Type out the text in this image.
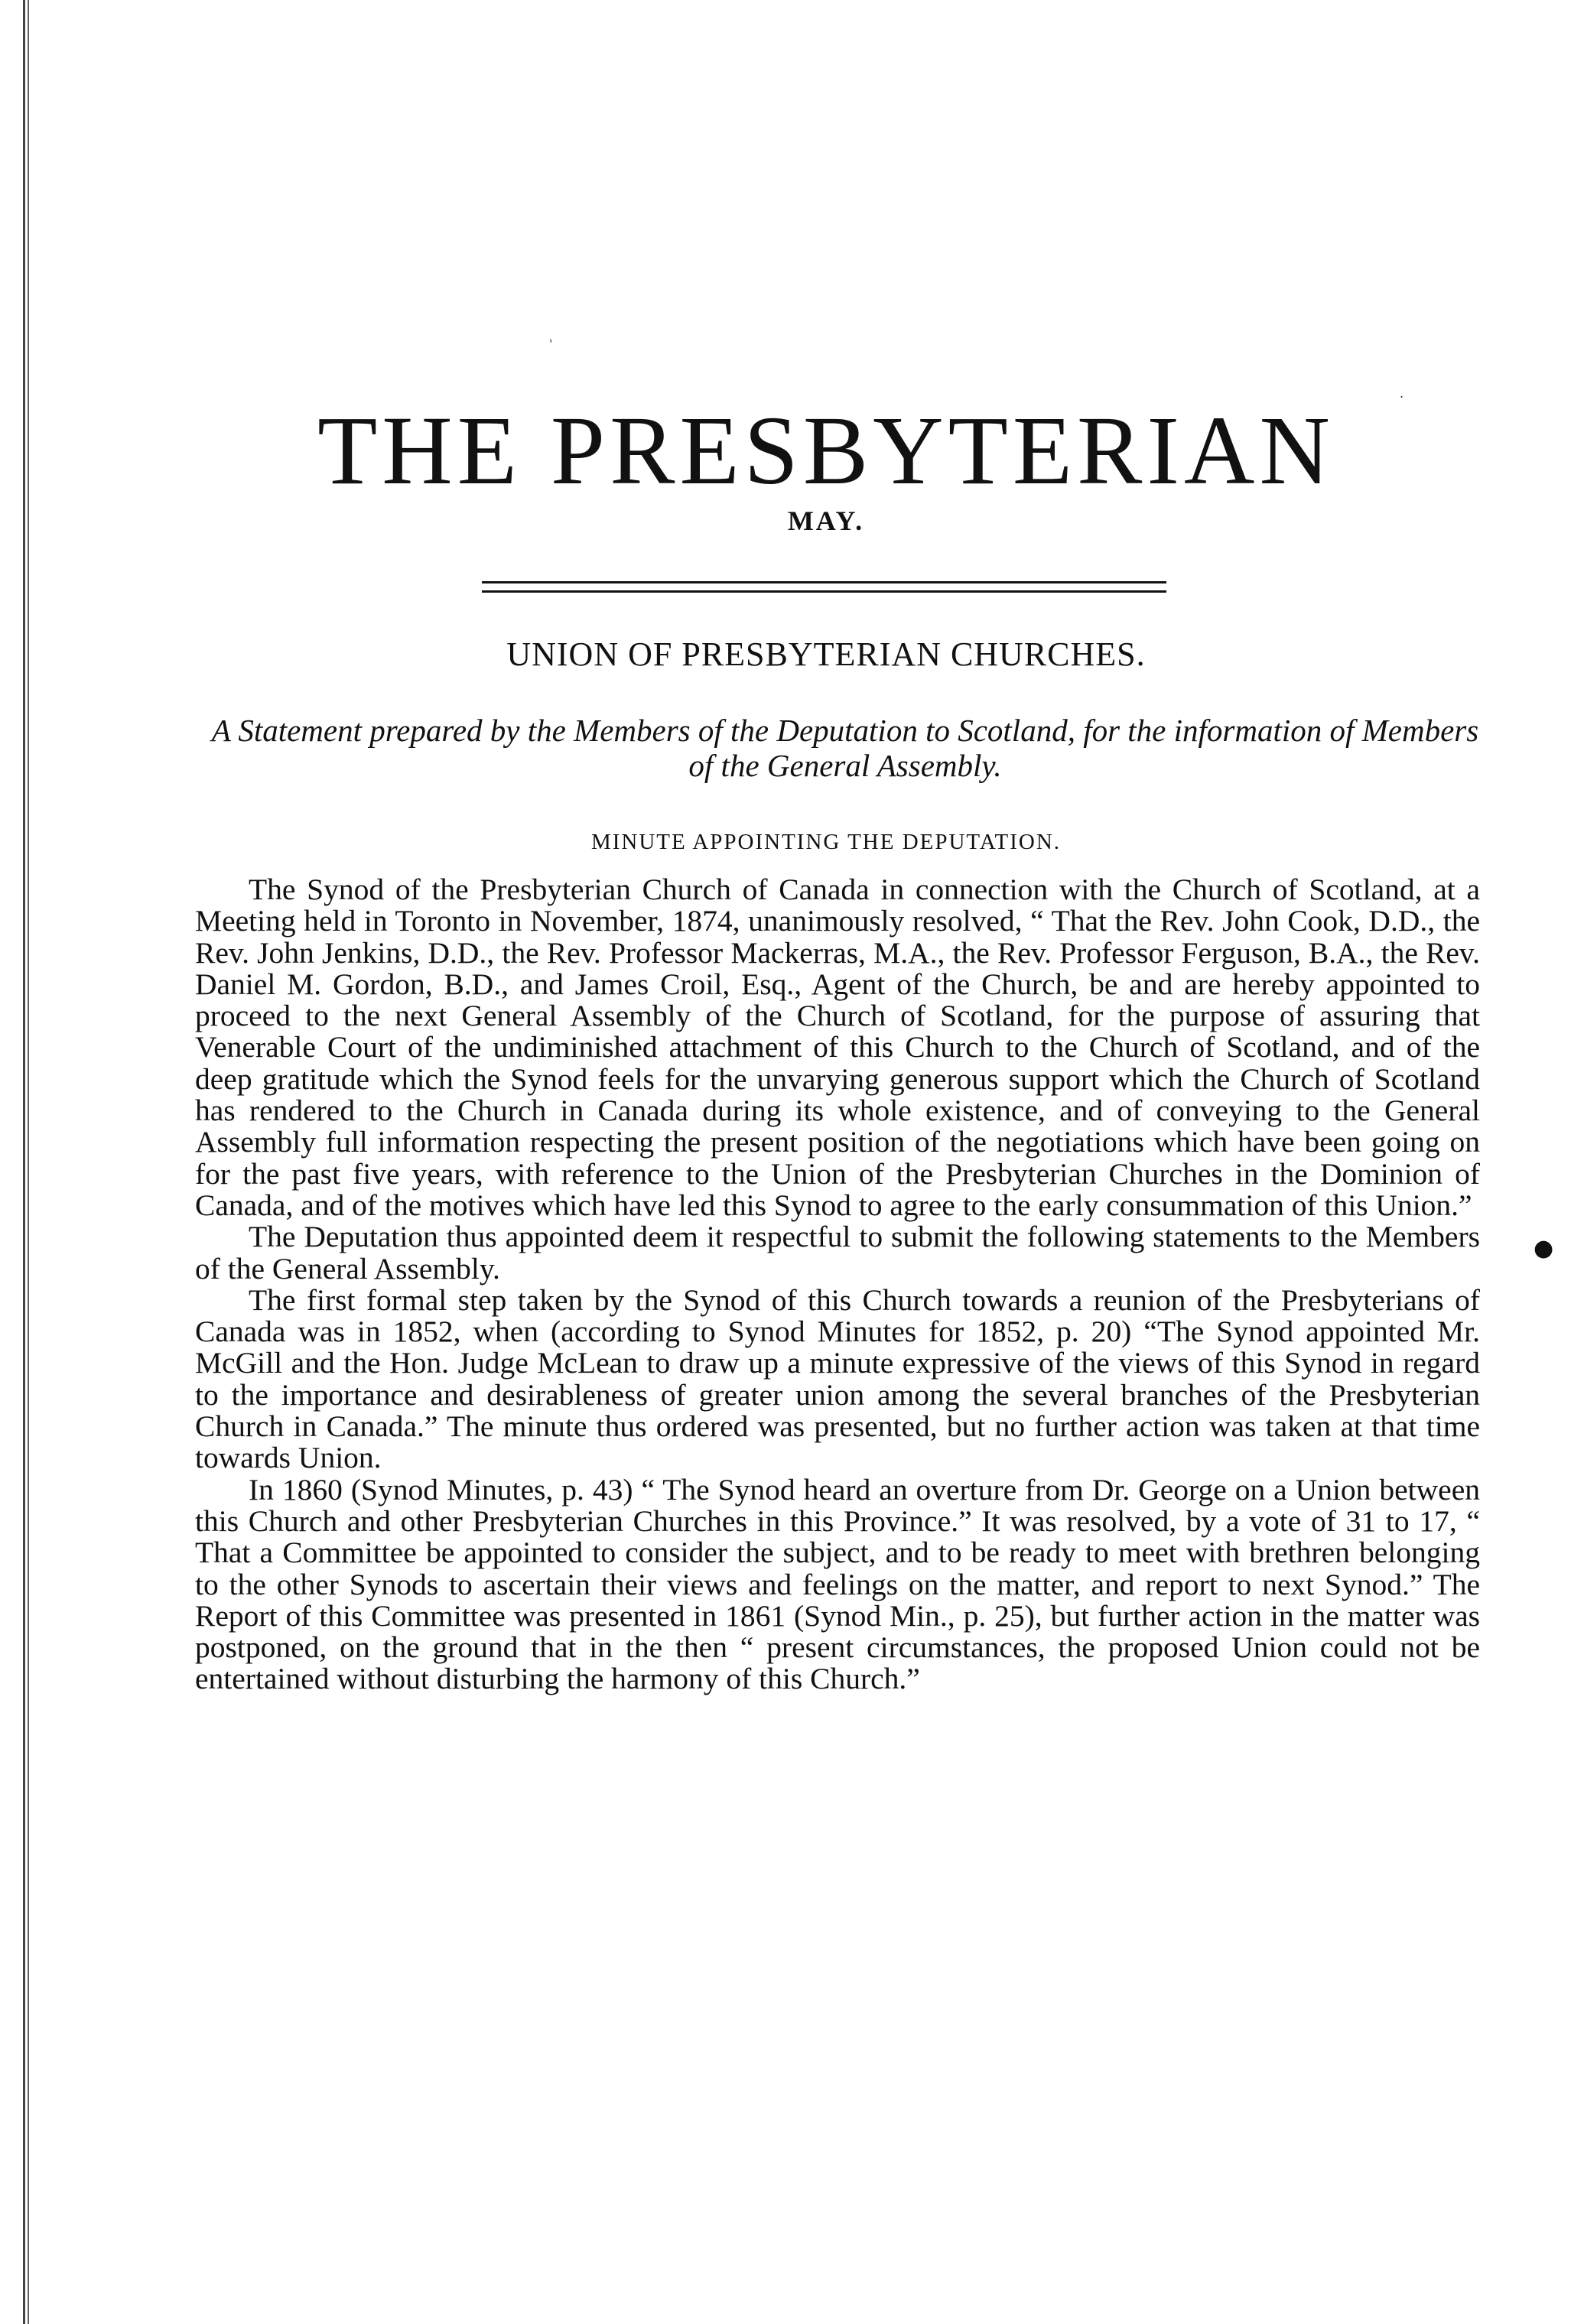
'
.
●
THE PRESBYTERIAN
MAY.
UNION OF PRESBYTERIAN CHURCHES.
A Statement prepared by the Members of the Deputation to Scotland, for the information of Members of the General Assembly.
MINUTE APPOINTING THE DEPUTATION.

The Synod of the Presbyterian Church of Canada in connection with the Church of Scotland, at a Meeting held in Toronto in November, 1874, unanimously resolved, “ That the Rev. John Cook, D.D., the Rev. John Jenkins, D.D., the Rev. Professor Mackerras, M.A., the Rev. Professor Ferguson, B.A., the Rev. Daniel M. Gordon, B.D., and James Croil, Esq., Agent of the Church, be and are hereby appointed to proceed to the next General Assembly of the Church of Scotland, for the purpose of assuring that Venerable Court of the undiminished attachment of this Church to the Church of Scotland, and of the deep gratitude which the Synod feels for the unvarying generous support which the Church of Scotland has rendered to the Church in Canada during its whole existence, and of conveying to the General Assembly full information respecting the present position of the negotiations which have been going on for the past five years, with reference to the Union of the Presbyterian Churches in the Dominion of Canada, and of the motives which have led this Synod to agree to the early consummation of this Union.”

The Deputation thus appointed deem it respectful to submit the following statements to the Members of the General Assembly.

The first formal step taken by the Synod of this Church towards a reunion of the Presbyterians of Canada was in 1852, when (according to Synod Minutes for 1852, p. 20) “The Synod appointed Mr. McGill and the Hon. Judge McLean to draw up a minute expressive of the views of this Synod in regard to the importance and desirableness of greater union among the several branches of the Presbyterian Church in Canada.” The minute thus ordered was presented, but no further action was taken at that time towards Union.

In 1860 (Synod Minutes, p. 43) “ The Synod heard an overture from Dr. George on a Union between this Church and other Presbyterian Churches in this Province.” It was resolved, by a vote of 31 to 17, “ That a Committee be appointed to consider the subject, and to be ready to meet with brethren belonging to the other Synods to ascertain their views and feelings on the matter, and report to next Synod.” The Report of this Committee was presented in 1861 (Synod Min., p. 25), but further action in the matter was postponed, on the ground that in the then “ present circumstances, the proposed Union could not be entertained without disturbing the harmony of this Church.”
